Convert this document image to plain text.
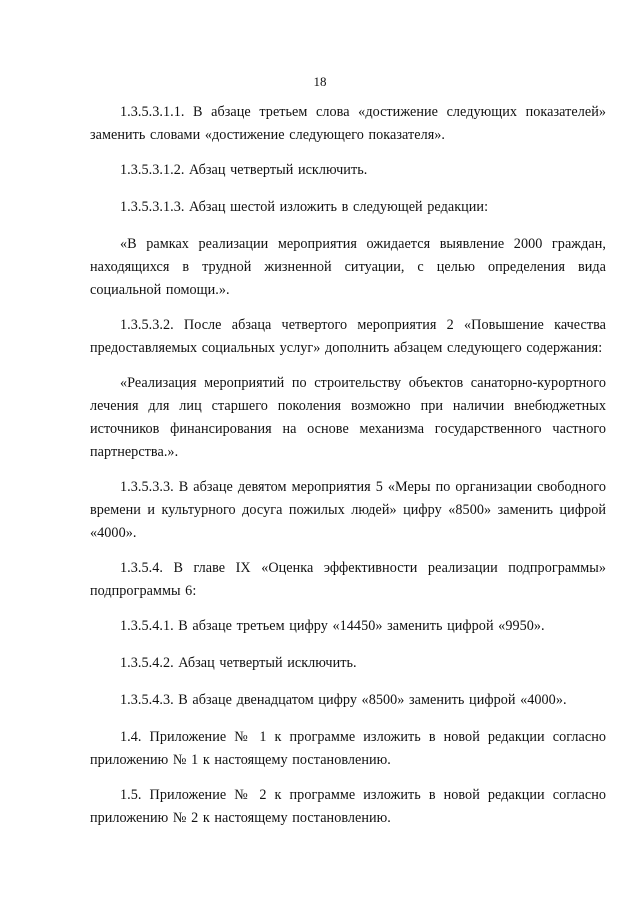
18

1.3.5.3.1.1. В абзаце третьем слова «достижение следующих показателей» заменить словами «достижение следующего показателя».

1.3.5.3.1.2. Абзац четвертый исключить.

1.3.5.3.1.3. Абзац шестой изложить в следующей редакции:

«В рамках реализации мероприятия ожидается выявление 2000 граждан, находящихся в трудной жизненной ситуации, с целью определения вида социальной помощи.».

1.3.5.3.2. После абзаца четвертого мероприятия 2 «Повышение качества предоставляемых социальных услуг» дополнить абзацем следующего содержания:

«Реализация мероприятий по строительству объектов санаторно-курортного лечения для лиц старшего поколения возможно при наличии внебюджетных источников финансирования на основе механизма государственного частного партнерства.».

1.3.5.3.3. В абзаце девятом мероприятия 5 «Меры по организации свободного времени и культурного досуга пожилых людей» цифру «8500» заменить цифрой «4000».

1.3.5.4. В главе IX «Оценка эффективности реализации подпрограммы» подпрограммы 6:

1.3.5.4.1. В абзаце третьем цифру «14450» заменить цифрой «9950».

1.3.5.4.2. Абзац четвертый исключить.

1.3.5.4.3. В абзаце двенадцатом цифру «8500» заменить цифрой «4000».

1.4. Приложение № 1 к программе изложить в новой редакции согласно приложению № 1 к настоящему постановлению.

1.5. Приложение № 2 к программе изложить в новой редакции согласно приложению № 2 к настоящему постановлению.
